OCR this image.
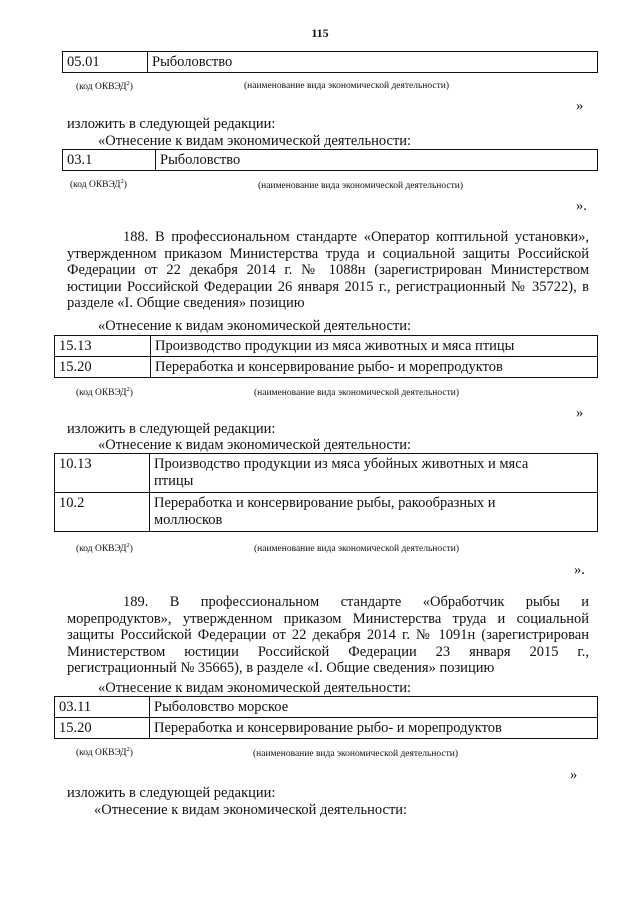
115
05.01	Рыболовство
(код ОКВЭД$^2$)	(наименование вида экономической деятельности)
»
изложить в следующей редакции:
«Отнесение к видам экономической деятельности:
03.1	Рыболовство
(код ОКВЭД$^2$)	(наименование вида экономической деятельности)
».
188. В профессиональном стандарте «Оператор коптильной установки», утвержденном приказом Министерства труда и социальной защиты Российской Федерации от 22 декабря 2014 г. № 1088н (зарегистрирован Министерством юстиции Российской Федерации 26 января 2015 г., регистрационный № 35722), в разделе «I. Общие сведения» позицию
«Отнесение к видам экономической деятельности:
15.13	Производство продукции из мяса животных и мяса птицы
15.20	Переработка и консервирование рыбо- и морепродуктов
(код ОКВЭД$^2$)	(наименование вида экономической деятельности)
»
изложить в следующей редакции:
«Отнесение к видам экономической деятельности:
10.13	Производство продукции из мяса убойных животных и мяса птицы
10.2	Переработка и консервирование рыбы, ракообразных и моллюсков
(код ОКВЭД$^2$)	(наименование вида экономической деятельности)
».
189. В профессиональном стандарте «Обработчик рыбы и морепродуктов», утвержденном приказом Министерства труда и социальной защиты Российской Федерации от 22 декабря 2014 г. № 1091н (зарегистрирован Министерством юстиции Российской Федерации 23 января 2015 г., регистрационный № 35665), в разделе «I. Общие сведения» позицию
«Отнесение к видам экономической деятельности:
03.11	Рыболовство морское
15.20	Переработка и консервирование рыбо- и морепродуктов
(код ОКВЭД$^2$)	(наименование вида экономической деятельности)
»
изложить в следующей редакции:
«Отнесение к видам экономической деятельности:
